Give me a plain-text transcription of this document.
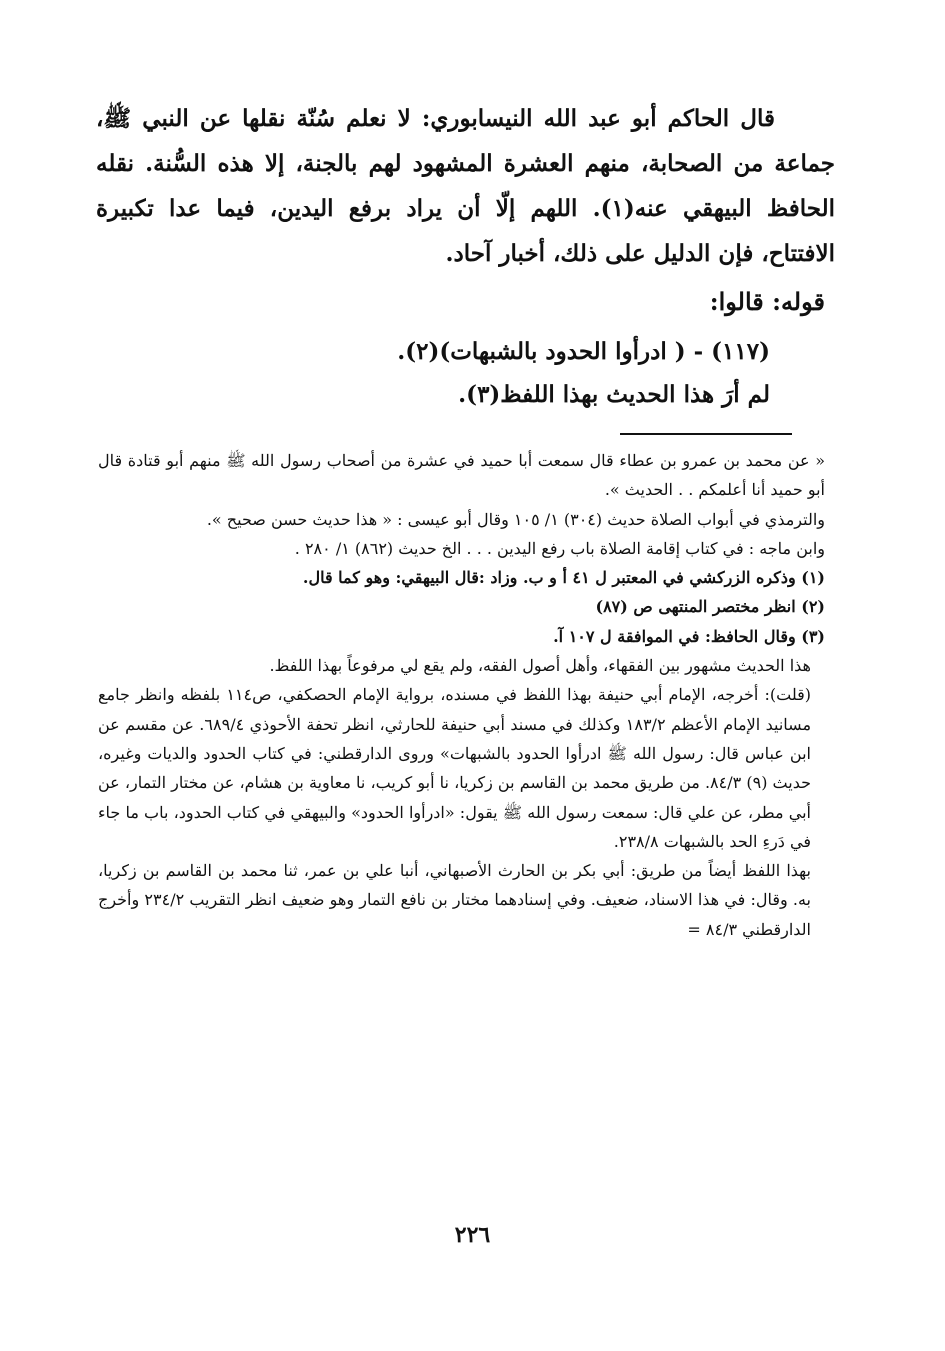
قال الحاكم أبو عبد الله النيسابوري: لا نعلم سُنّة نقلها عن النبي ﷺ، جماعة من الصحابة، منهم العشرة المشهود لهم بالجنة، إلا هذه السُّنة. نقله الحافظ البيهقي عنه(١). اللهم إلّا أن يراد برفع اليدين، فيما عدا تكبيرة الافتتاح، فإن الدليل على ذلك، أخبار آحاد.

قوله: قالوا:
(١١٧) - ( ادرأوا الحدود بالشبهات)(٢).
لم أرَ هذا الحديث بهذا اللفظ(٣).

« عن محمد بن عمرو بن عطاء قال سمعت أبا حميد في عشرة من أصحاب رسول الله ﷺ منهم أبو قتادة قال أبو حميد أنا أعلمكم . . الحديث ».

والترمذي في أبواب الصلاة حديث (٣٠٤) ١/ ١٠٥ وقال أبو عيسى : « هذا حديث حسن صحيح ».

وابن ماجه : في كتاب إقامة الصلاة باب رفع اليدين . . . الخ حديث (٨٦٢) ١/ ٢٨٠ .

(١) وذكره الزركشي في المعتبر ل ٤١ أ و ب. وزاد :قال البيهقي: وهو كما قال.

(٢) انظر مختصر المنتهى ص (٨٧)

(٣) وقال الحافظ: في الموافقة ل ١٠٧ آ.

هذا الحديث مشهور بين الفقهاء، وأهل أصول الفقه، ولم يقع لي مرفوعاً بهذا اللفظ.

(قلت): أخرجه، الإمام أبي حنيفة بهذا اللفظ في مسنده، برواية الإمام الحصكفي، ص١١٤ بلفظه وانظر جامع مسانيد الإمام الأعظم ١٨٣/٢ وكذلك في مسند أبي حنيفة للحارثي، انظر تحفة الأحوذي ٦٨٩/٤. عن مقسم عن ابن عباس قال: رسول الله ﷺ ادرأوا الحدود بالشبهات» وروى الدارقطني: في كتاب الحدود والديات وغيره، حديث (٩) ٨٤/٣. من طريق محمد بن القاسم بن زكريا، نا أبو كريب، نا معاوية بن هشام، عن مختار التمار، عن أبي مطر، عن علي قال: سمعت رسول الله ﷺ يقول: «ادرأوا الحدود» والبيهقي في كتاب الحدود، باب ما جاء في دَرءِ الحد بالشبهات ٢٣٨/٨.

بهذا اللفظ أيضاً من طريق: أبي بكر بن الحارث الأصبهاني، أنبا علي بن عمر، ثنا محمد بن القاسم بن زكريا، به. وقال: في هذا الاسناد، ضعيف. وفي إسنادهما مختار بن نافع التمار وهو ضعيف انظر التقريب ٢٣٤/٢ وأخرج الدارقطني ٨٤/٣ =

٢٢٦
